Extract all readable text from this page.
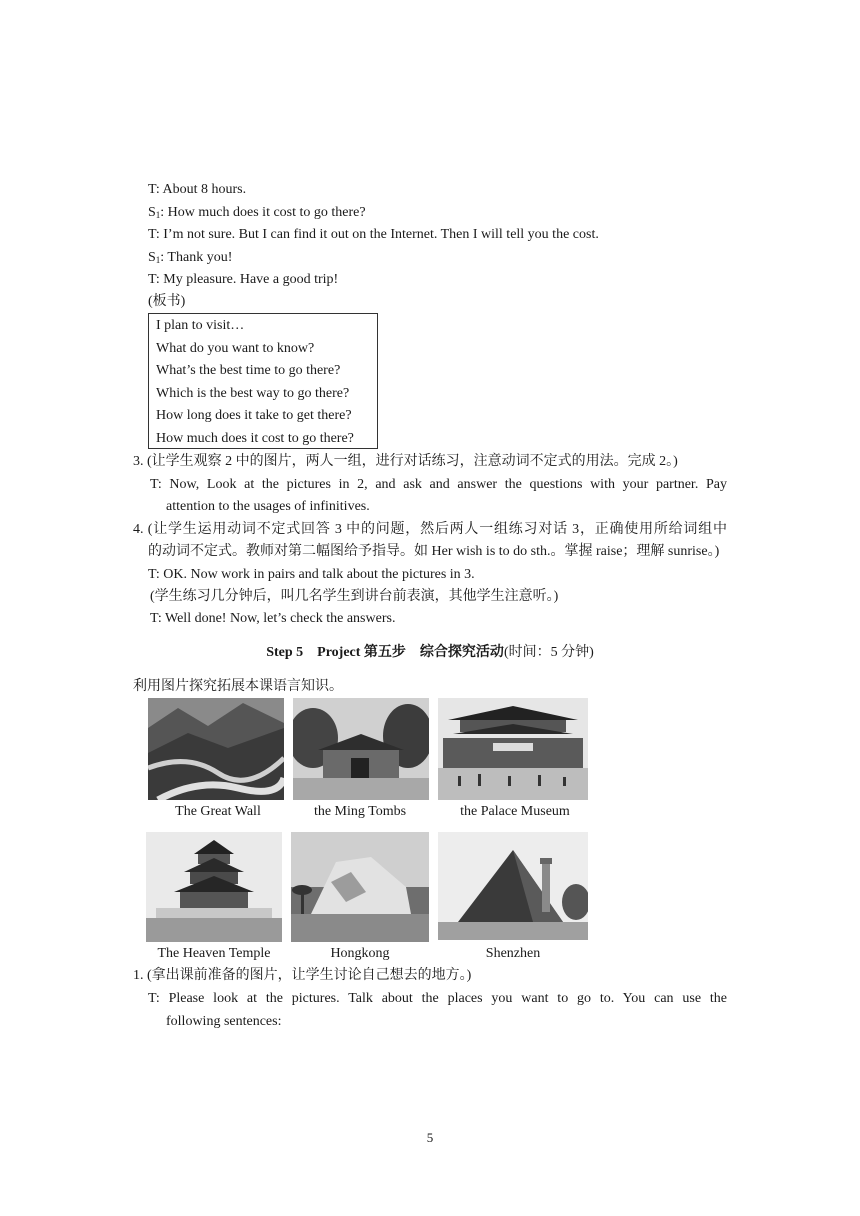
T: About 8 hours.
$S_1$: How much does it cost to go there?
T: I’m not sure. But I can find it out on the Internet. Then I will tell you the cost.
$S_1$: Thank you!
T: My pleasure. Have a good trip!
(板书)
I plan to visit…
What do you want to know?
What’s the best time to go there?
Which is the best way to go there?
How long does it take to get there?
How much does it cost to go there?
3. (让学生观察 2 中的图片，两人一组，进行对话练习，注意动词不定式的用法。完成 2。)
T: Now, Look at the pictures in 2, and ask and answer the questions with your partner. Pay
attention to the usages of infinitives.
4. (让学生运用动词不定式回答 3 中的问题，然后两人一组练习对话 3，正确使用所给词组中
的动词不定式。教师对第二幅图给予指导。如 Her wish is to do sth.。掌握 raise；理解 sunrise。)
T: OK. Now work in pairs and talk about the pictures in 3.
(学生练习几分钟后，叫几名学生到讲台前表演，其他学生注意听。)
T: Well done! Now, let’s check the answers.
Step 5　Project 第五步　综合探究活动(时间：5 分钟)
利用图片探究拓展本课语言知识。
The Great Wall	the Ming Tombs	the Palace Museum
The Heaven Temple	Hongkong	Shenzhen
1. (拿出课前准备的图片，让学生讨论自己想去的地方。)
T: Please look at the pictures. Talk about the places you want to go to. You can use the
following sentences:
5
